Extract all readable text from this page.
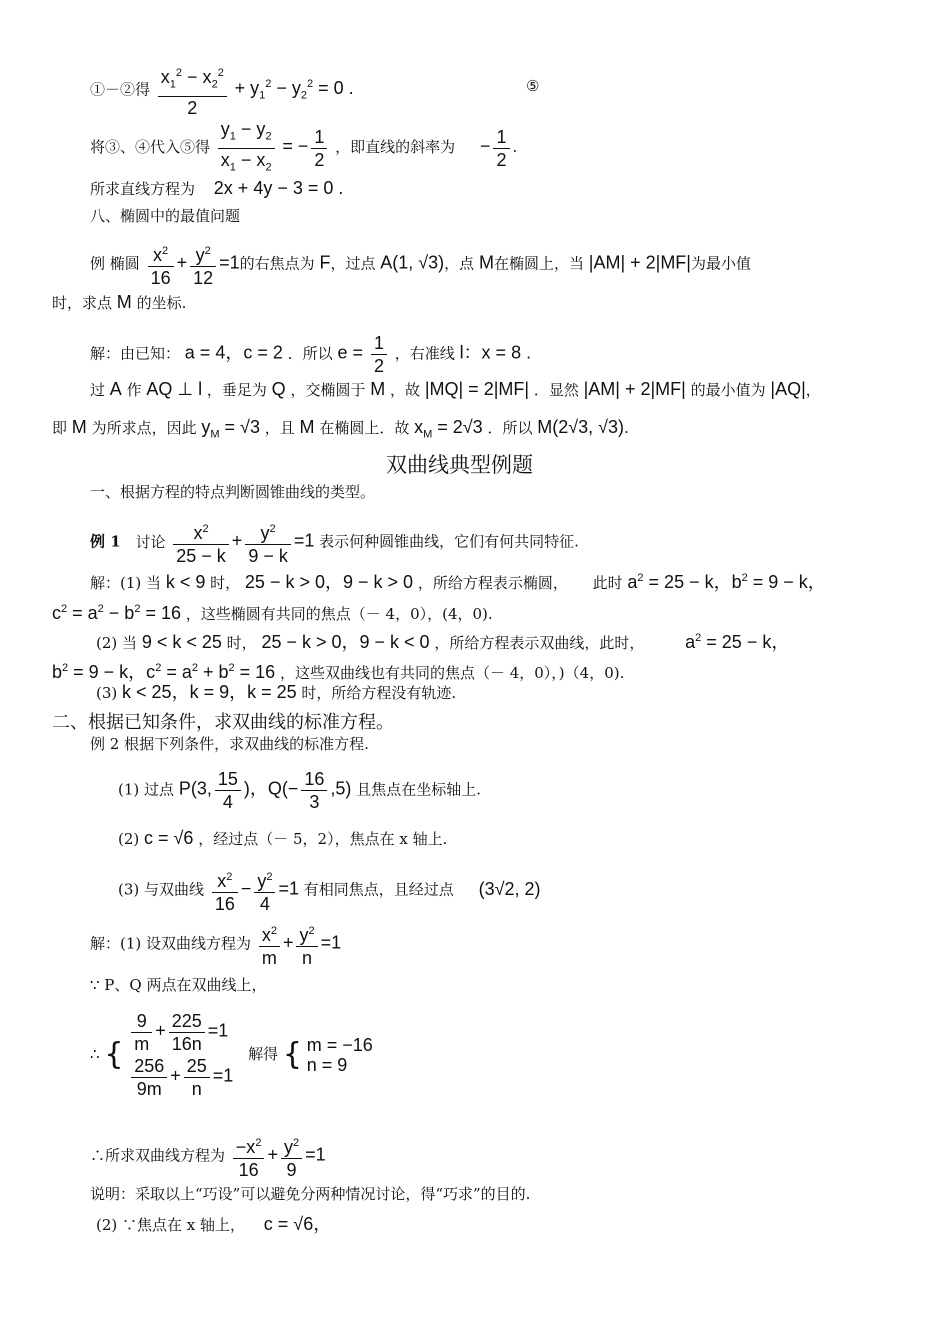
①－②得 $\frac{x_1^2 - x_2^2}{2} + y_1^2 - y_2^2 = 0$ .	⑤
将③、④代入⑤得 $\frac{y_1 - y_2}{x_1 - x_2}$ = − $\frac{1}{2}$ ，即直线的斜率为 − $\frac{1}{2}$ .
所求直线方程为 2x + 4y − 3 = 0 .
八、椭圆中的最值问题
例 椭圆 $\frac{x^2}{16} + \frac{y^2}{12} =1$的右焦点为 F，过点 A(1, √3)，点 M在椭圆上，当 |AM| + 2|MF|为最小值
时，求点 M 的坐标.
解：由已知： a = 4，c = 2 ．所以 $e = \frac{1}{2}$ ，右准线 l：x = 8 .
过 A 作 AQ ⊥ l ，垂足为 Q ，交椭圆于 M ，故 |MQ| = 2|MF| ．显然 |AM| + 2|MF| 的最小值为 |AQ|，
即 M 为所求点，因此 $y_M = √3$ ，且 M 在椭圆上．故 $x_M = 2√3$ ．所以 M(2√3, √3).
双曲线典型例题
一、根据方程的特点判断圆锥曲线的类型。
例 1 讨论 $\frac{x^2}{25 - k} + \frac{y^2}{9 - k} =1$ 表示何种圆锥曲线，它们有何共同特征.
解：(1) 当 k < 9 时， 25 − k > 0，9 − k > 0 ，所给方程表示椭圆， 此时 $a^2 = 25 - k$，$b^2 = 9 - k$，
$c^2 = a^2 - b^2 = 16$ ，这些椭圆有共同的焦点（－ 4，0），(4，0).
(2) 当 9 < k < 25 时， 25 − k > 0，9 − k < 0 ，所给方程表示双曲线，此时， $a^2 = 25 - k$，
$b^2 = 9 - k$，$c^2 = a^2 + b^2 = 16$ ，这些双曲线也有共同的焦点（－ 4，0），)（4，0).
(3) k < 25，k = 9，k = 25 时，所给方程没有轨迹.
二、根据已知条件，求双曲线的标准方程。
例 2 根据下列条件，求双曲线的标准方程.
(1) 过点 P(3, $\frac{15}{4}$ )，$Q(- \frac{16}{3} ,5)$ 且焦点在坐标轴上.
(2) c = √6 ，经过点（－ 5，2），焦点在 x 轴上.
(3) 与双曲线 $\frac{x^2}{16} - \frac{y^2}{4} =1$ 有相同焦点，且经过点 (3√2, 2)
解：(1) 设双曲线方程为 $\frac{x^2}{m} + \frac{y^2}{n} =1$
∵ P、Q 两点在双曲线上，
∴ { $\frac{9}{m} + \frac{225}{16n} =1$
$\frac{256}{9m} + \frac{25}{n} =1$
解得 { m = −16
n = 9
∴所求双曲线方程为 $\frac{-x^2}{16} + \frac{y^2}{9} =1$
说明：采取以上“巧设”可以避免分两种情况讨论，得“巧求”的目的.
(2) ∵焦点在 x 轴上， c = √6，
